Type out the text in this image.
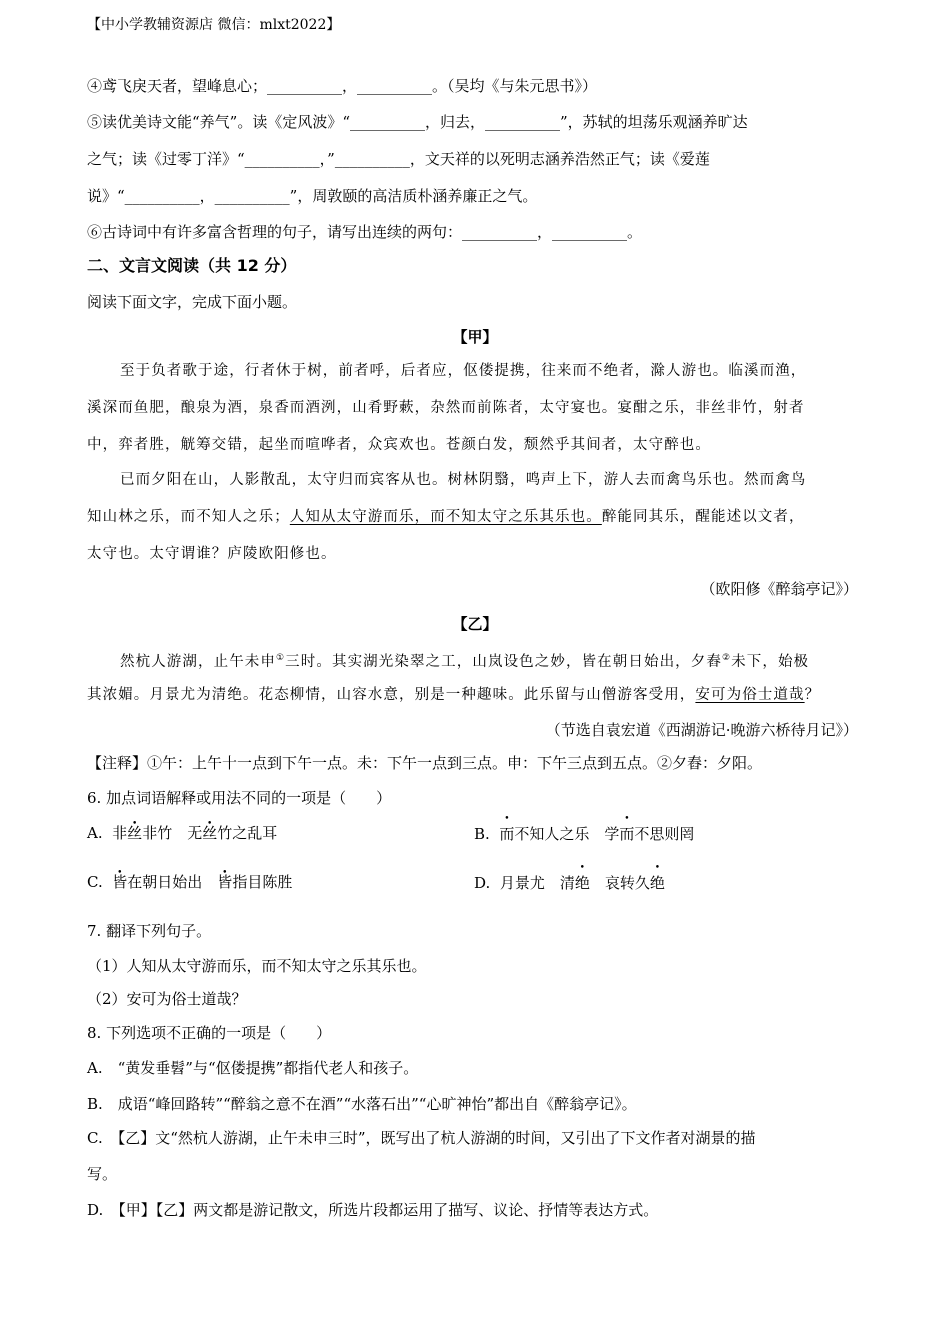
【中小学教辅资源店 微信：mlxt2022】
④鸢飞戾天者，望峰息心；__________，__________。（吴均《与朱元思书》）
⑤读优美诗文能“养气”。读《定风波》“__________，归去，__________”，苏轼的坦荡乐观涵养旷达
之气；读《过零丁洋》“__________，”__________，文天祥的以死明志涵养浩然正气；读《爱莲
说》“__________，__________”，周敦颐的高洁质朴涵养廉正之气。
⑥古诗词中有许多富含哲理的句子，请写出连续的两句：__________，__________。
二、文言文阅读（共 12 分）
阅读下面文字，完成下面小题。
【甲】
至于负者歌于途，行者休于树，前者呼，后者应，伛偻提携，往来而不绝者，滁人游也。临溪而渔，
溪深而鱼肥，酿泉为酒，泉香而酒洌，山肴野蔌，杂然而前陈者，太守宴也。宴酣之乐，非丝非竹，射者
中，弈者胜，觥筹交错，起坐而喧哗者，众宾欢也。苍颜白发，颓然乎其间者，太守醉也。
已而夕阳在山，人影散乱，太守归而宾客从也。树林阴翳，鸣声上下，游人去而禽鸟乐也。然而禽鸟
知山林之乐，而不知人之乐；人知从太守游而乐，而不知太守之乐其乐也。醉能同其乐，醒能述以文者，
太守也。太守谓谁？庐陵欧阳修也。
（欧阳修《醉翁亭记》）
【乙】
然杭人游湖，止午未申①三时。其实湖光染翠之工，山岚设色之妙，皆在朝日始出，夕舂②未下，始极
其浓媚。月景尤为清绝。花态柳情，山容水意，别是一种趣味。此乐留与山僧游客受用，安可为俗士道哉？
（节选自袁宏道《西湖游记·晚游六桥待月记》）
【注释】①午：上午十一点到下午一点。未：下午一点到三点。申：下午三点到五点。②夕舂：夕阳。
6. 加点词语解释或用法不同的一项是（　　）
A. 非丝非竹　无丝竹之乱耳	B. 而不知人之乐　学而不思则罔
C. 皆在朝日始出　皆指目陈胜	D. 月景尤　清绝　哀转久绝
7. 翻译下列句子。
（1）人知从太守游而乐，而不知太守之乐其乐也。
（2）安可为俗士道哉？
8. 下列选项不正确的一项是（　　）
A.　“黄发垂髫”与“伛偻提携”都指代老人和孩子。
B.　成语“峰回路转”“醉翁之意不在酒”“水落石出”“心旷神怡”都出自《醉翁亭记》。
C.　【乙】文“然杭人游湖，止午未申三时”，既写出了杭人游湖的时间，又引出了下文作者对湖景的描
写。
D.　【甲】【乙】两文都是游记散文，所选片段都运用了描写、议论、抒情等表达方式。
